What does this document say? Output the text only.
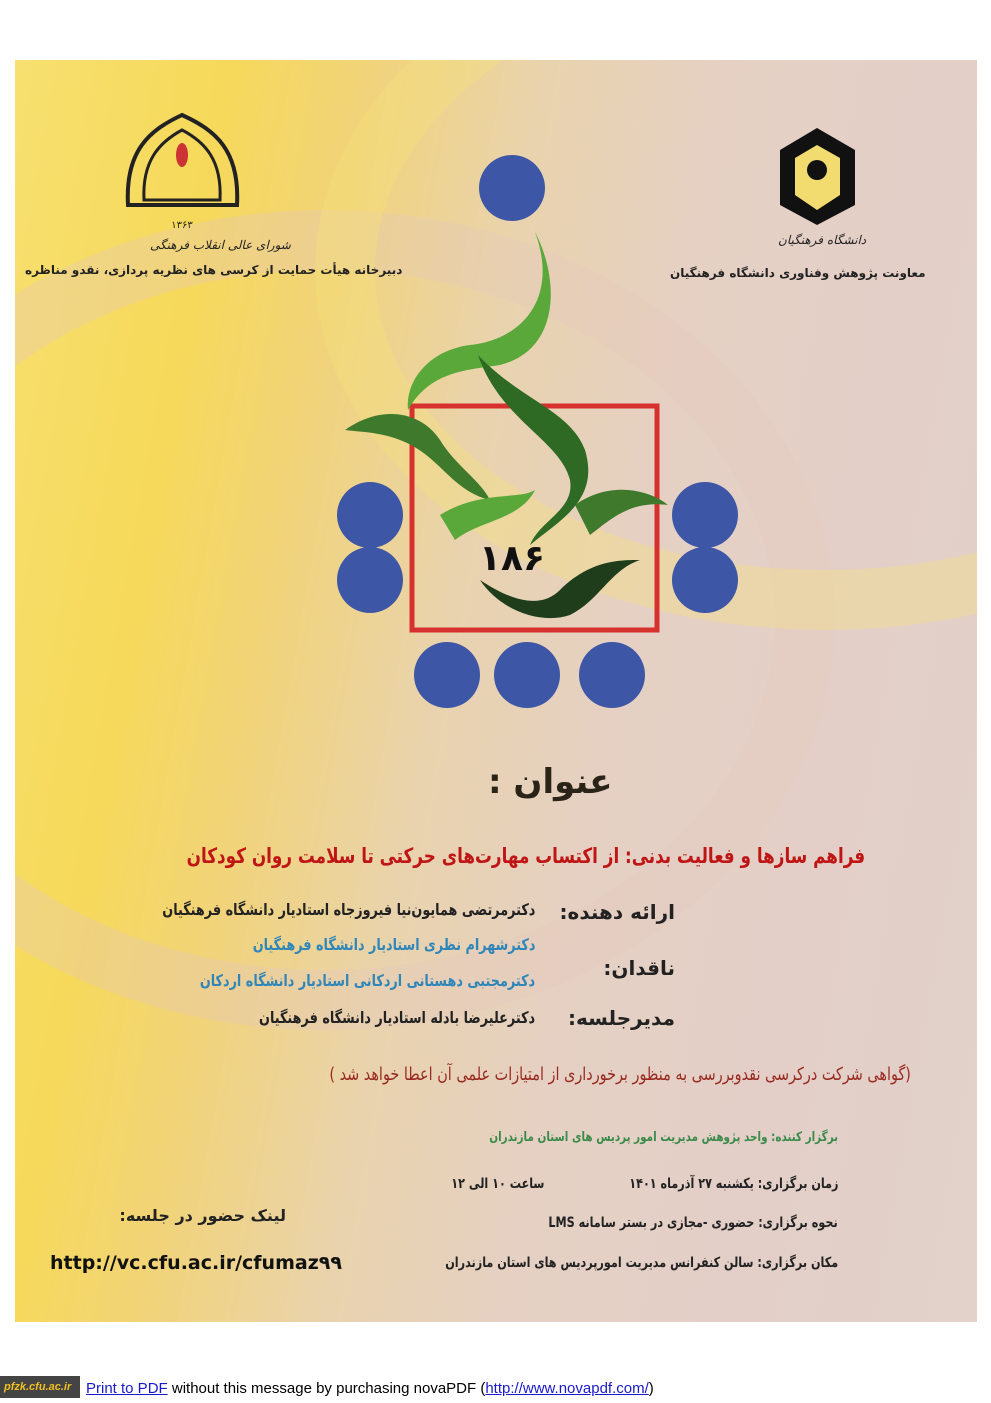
۱۳۶۳
شورای عالی انقلاب فرهنگی
دبیرخانه هیأت حمایت از کرسی های نظریه پردازی، نقدو مناظره
دانشگاه فرهنگیان
معاونت پژوهش وفناوری دانشگاه فرهنگیان
۱۸۶
عنوان :
فراهم سازها و فعالیت بدنی: از اکتساب مهارت‌های حرکتی تا سلامت روان کودکان
ارائه دهنده:
دکترمرتضی همایون‌نیا فیروزجاه استادیار دانشگاه فرهنگیان
ناقدان:
دکترشهرام نظری استادیار دانشگاه فرهنگیان
دکترمجتبی دهستانی اردکانی استادیار دانشگاه اردکان
مدیرجلسه:
دکترعلیرضا بادله استادیار دانشگاه فرهنگیان
(گواهی شرکت درکرسی نقدوبررسی به منظور برخورداری از امتیازات علمی آن اعطا خواهد شد )
برگزار کننده: واحد پژوهش مدیریت امور پردیس های استان مازندران
زمان برگزاری: یکشنبه ۲۷ آذرماه ۱۴۰۱
ساعت ۱۰ الی ۱۲
نحوه برگزاری: حضوری -مجازی در بستر سامانه LMS
مکان برگزاری: سالن کنفرانس مدیریت امورپردیس های استان مازندران
لینک حضور در جلسه:
http://vc.cfu.ac.ir/cfumaz۹۹
pfzk.cfu.ac.ir Print to PDF without this message by purchasing novaPDF (http://www.novapdf.com/)
